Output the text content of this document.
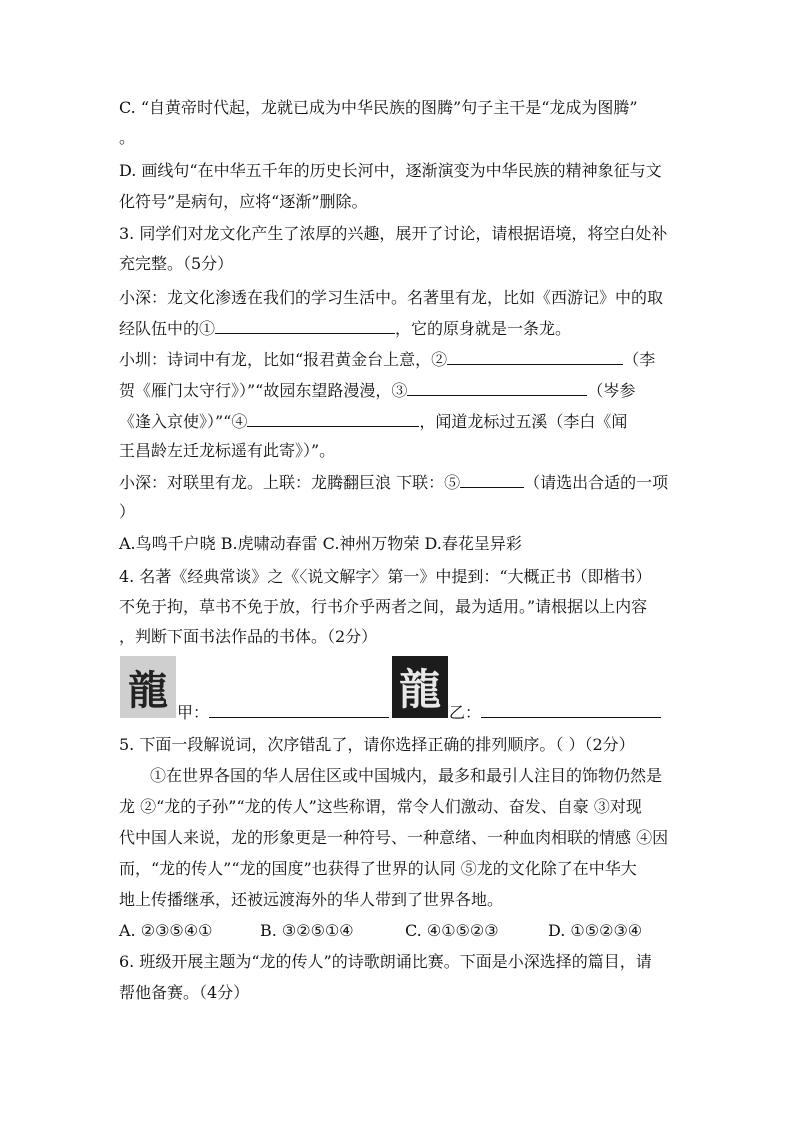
C. “自黄帝时代起，龙就已成为中华民族的图腾”句子主干是“龙成为图腾”
。
D. 画线句“在中华五千年的历史长河中，逐渐演变为中华民族的精神象征与文
化符号”是病句，应将“逐渐”删除。
3. 同学们对龙文化产生了浓厚的兴趣，展开了讨论，请根据语境，将空白处补
充完整。（5分）
小深：龙文化渗透在我们的学习生活中。名著里有龙，比如《西游记》中的取
经队伍中的①	，它的原身就是一条龙。
小圳：诗词中有龙，比如“报君黄金台上意，②	（李
贺《雁门太守行》）”“故园东望路漫漫，③	（岑参
《逢入京使》）”“④	，闻道龙标过五溪（李白《闻
王昌龄左迁龙标遥有此寄》）”。
小深：对联里有龙。上联：龙腾翻巨浪 下联：⑤	（请选出合适的一项
）
A.鸟鸣千户晓 B.虎啸动春雷 C.神州万物荣 D.春花呈异彩
4. 名著《经典常谈》之《〈说文解字〉第一》中提到：“大概正书（即楷书）
不免于拘，草书不免于放，行书介乎两者之间，最为适用。”请根据以上内容
，判断下面书法作品的书体。（2分）
龍 甲：	龍 乙：
5. 下面一段解说词，次序错乱了，请你选择正确的排列顺序。（ ）（2分）
①在世界各国的华人居住区或中国城内，最多和最引人注目的饰物仍然是
龙 ②“龙的子孙”“龙的传人”这些称谓，常令人们激动、奋发、自豪 ③对现
代中国人来说，龙的形象更是一种符号、一种意绪、一种血肉相联的情感 ④因
而，“龙的传人”“龙的国度”也获得了世界的认同 ⑤龙的文化除了在中华大
地上传播继承，还被远渡海外的华人带到了世界各地。
A. ②③⑤④①	B. ③②⑤①④	C. ④①⑤②③	D. ①⑤②③④
6. 班级开展主题为“龙的传人”的诗歌朗诵比赛。下面是小深选择的篇目，请
帮他备赛。（4分）
